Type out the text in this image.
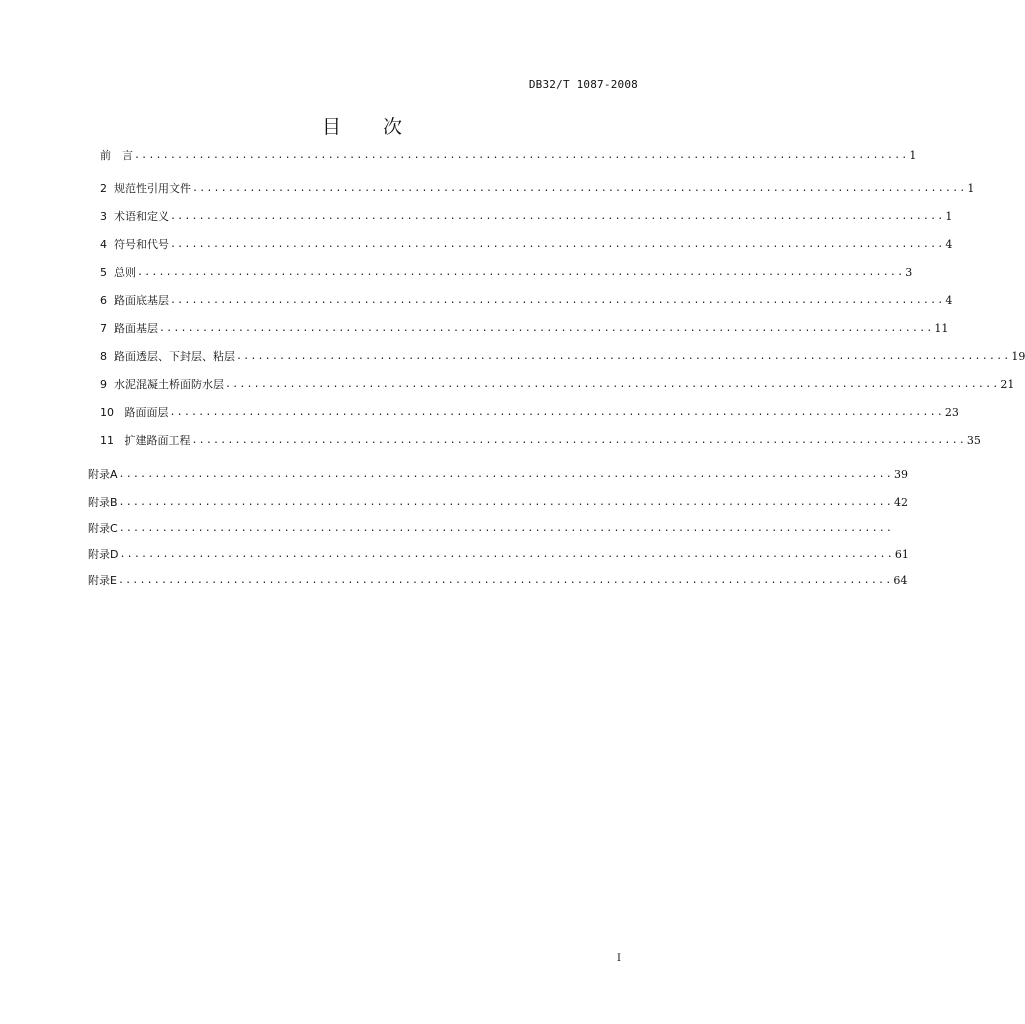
DB32/T 1087-2008
目 次
前　言 ............................................................................................................ 1
2
规范性引用文件 ............................................................................................................ 1
3
术语和定义 ............................................................................................................ 1
4
符号和代号 ............................................................................................................ 4
5
总则 ........................................................................................................... 3
6
路面底基层 ............................................................................................................ 4
7
路面基层 ............................................................................................................ 11
8
路面透层、下封层、粘层 ............................................................................................................ 19
9
水泥混凝土桥面防水层 ............................................................................................................ 21
10
路面面层 ............................................................................................................ 23
11
扩建路面工程 ............................................................................................................ 35
附录A ............................................................................................................ 39
附录B ............................................................................................................ 42
附录C ............................................................................................................
附录D ............................................................................................................ 61
附录E ............................................................................................................ 64
I
